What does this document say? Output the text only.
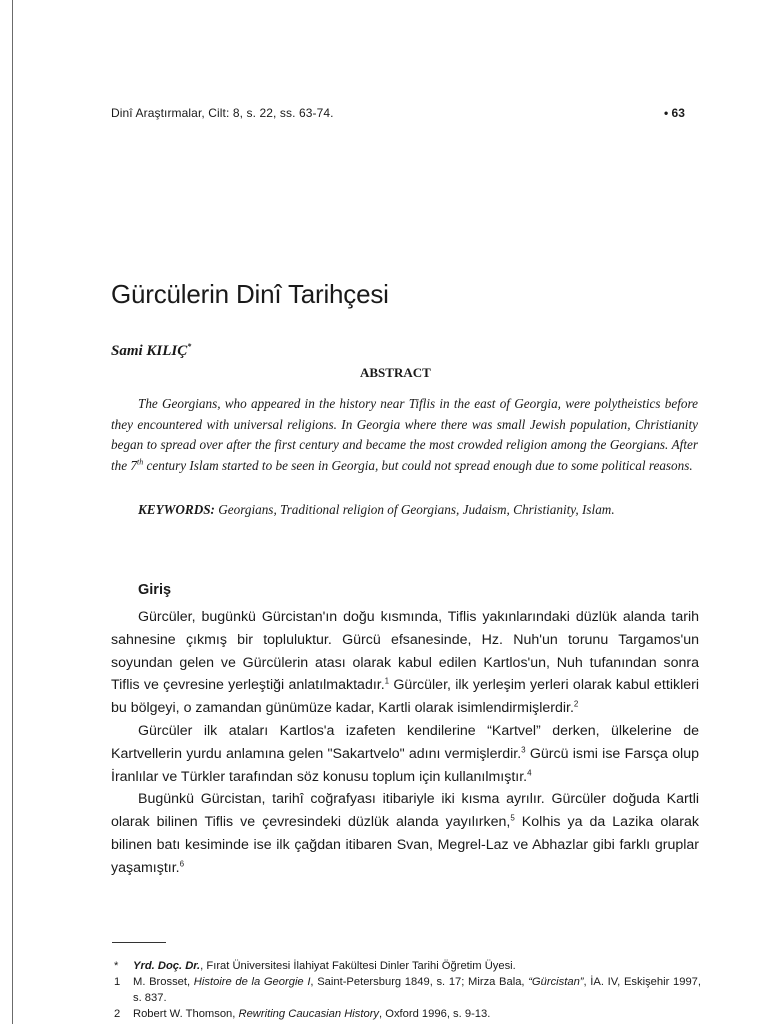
Dinî Araştırmalar, Cilt: 8, s. 22, ss. 63-74.	• 63
Gürcülerin Dinî Tarihçesi
Sami KILIÇ*
ABSTRACT

The Georgians, who appeared in the history near Tiflis in the east of Georgia, were polytheistics before they encountered with universal religions. In Georgia where there was small Jewish population, Christianity began to spread over after the first century and became the most crowded religion among the Georgians. After the 7th century Islam started to be seen in Georgia, but could not spread enough due to some political reasons.

KEYWORDS: Georgians, Traditional religion of Georgians, Judaism, Christianity, Islam.

Giriş

Gürcüler, bugünkü Gürcistan'ın doğu kısmında, Tiflis yakınlarındaki düzlük alanda tarih sahnesine çıkmış bir topluluktur. Gürcü efsanesinde, Hz. Nuh'un torunu Targamos'un soyundan gelen ve Gürcülerin atası olarak kabul edilen Kartlos'un, Nuh tufanından sonra Tiflis ve çevresine yerleştiği anlatılmaktadır.$^1$ Gürcüler, ilk yerleşim yerleri olarak kabul ettikleri bu bölgeyi, o zamandan günümüze kadar, Kartli olarak isimlendirmişlerdir.$^2$

Gürcüler ilk ataları Kartlos'a izafeten kendilerine “Kartvel” derken, ülkelerine de Kartvellerin yurdu anlamına gelen "Sakartvelo" adını vermişlerdir.$^3$ Gürcü ismi ise Farsça olup İranlılar ve Türkler tarafından söz konusu toplum için kullanılmıştır.$^4$

Bugünkü Gürcistan, tarihî coğrafyası itibariyle iki kısma ayrılır. Gürcüler doğuda Kartli olarak bilinen Tiflis ve çevresindeki düzlük alanda yayılırken,$^5$ Kolhis ya da Lazika olarak bilinen batı kesiminde ise ilk çağdan itibaren Svan, Megrel-Laz ve Abhazlar gibi farklı gruplar yaşamıştır.$^6$

* Yrd. Doç. Dr., Fırat Üniversitesi İlahiyat Fakültesi Dinler Tarihi Öğretim Üyesi.
1 M. Brosset, Histoire de la Georgie I, Saint-Petersburg 1849, s. 17; Mirza Bala, “Gürcistan”, İA. IV, Eskişehir 1997, s. 837.
2 Robert W. Thomson, Rewriting Caucasian History, Oxford 1996, s. 9-13.
